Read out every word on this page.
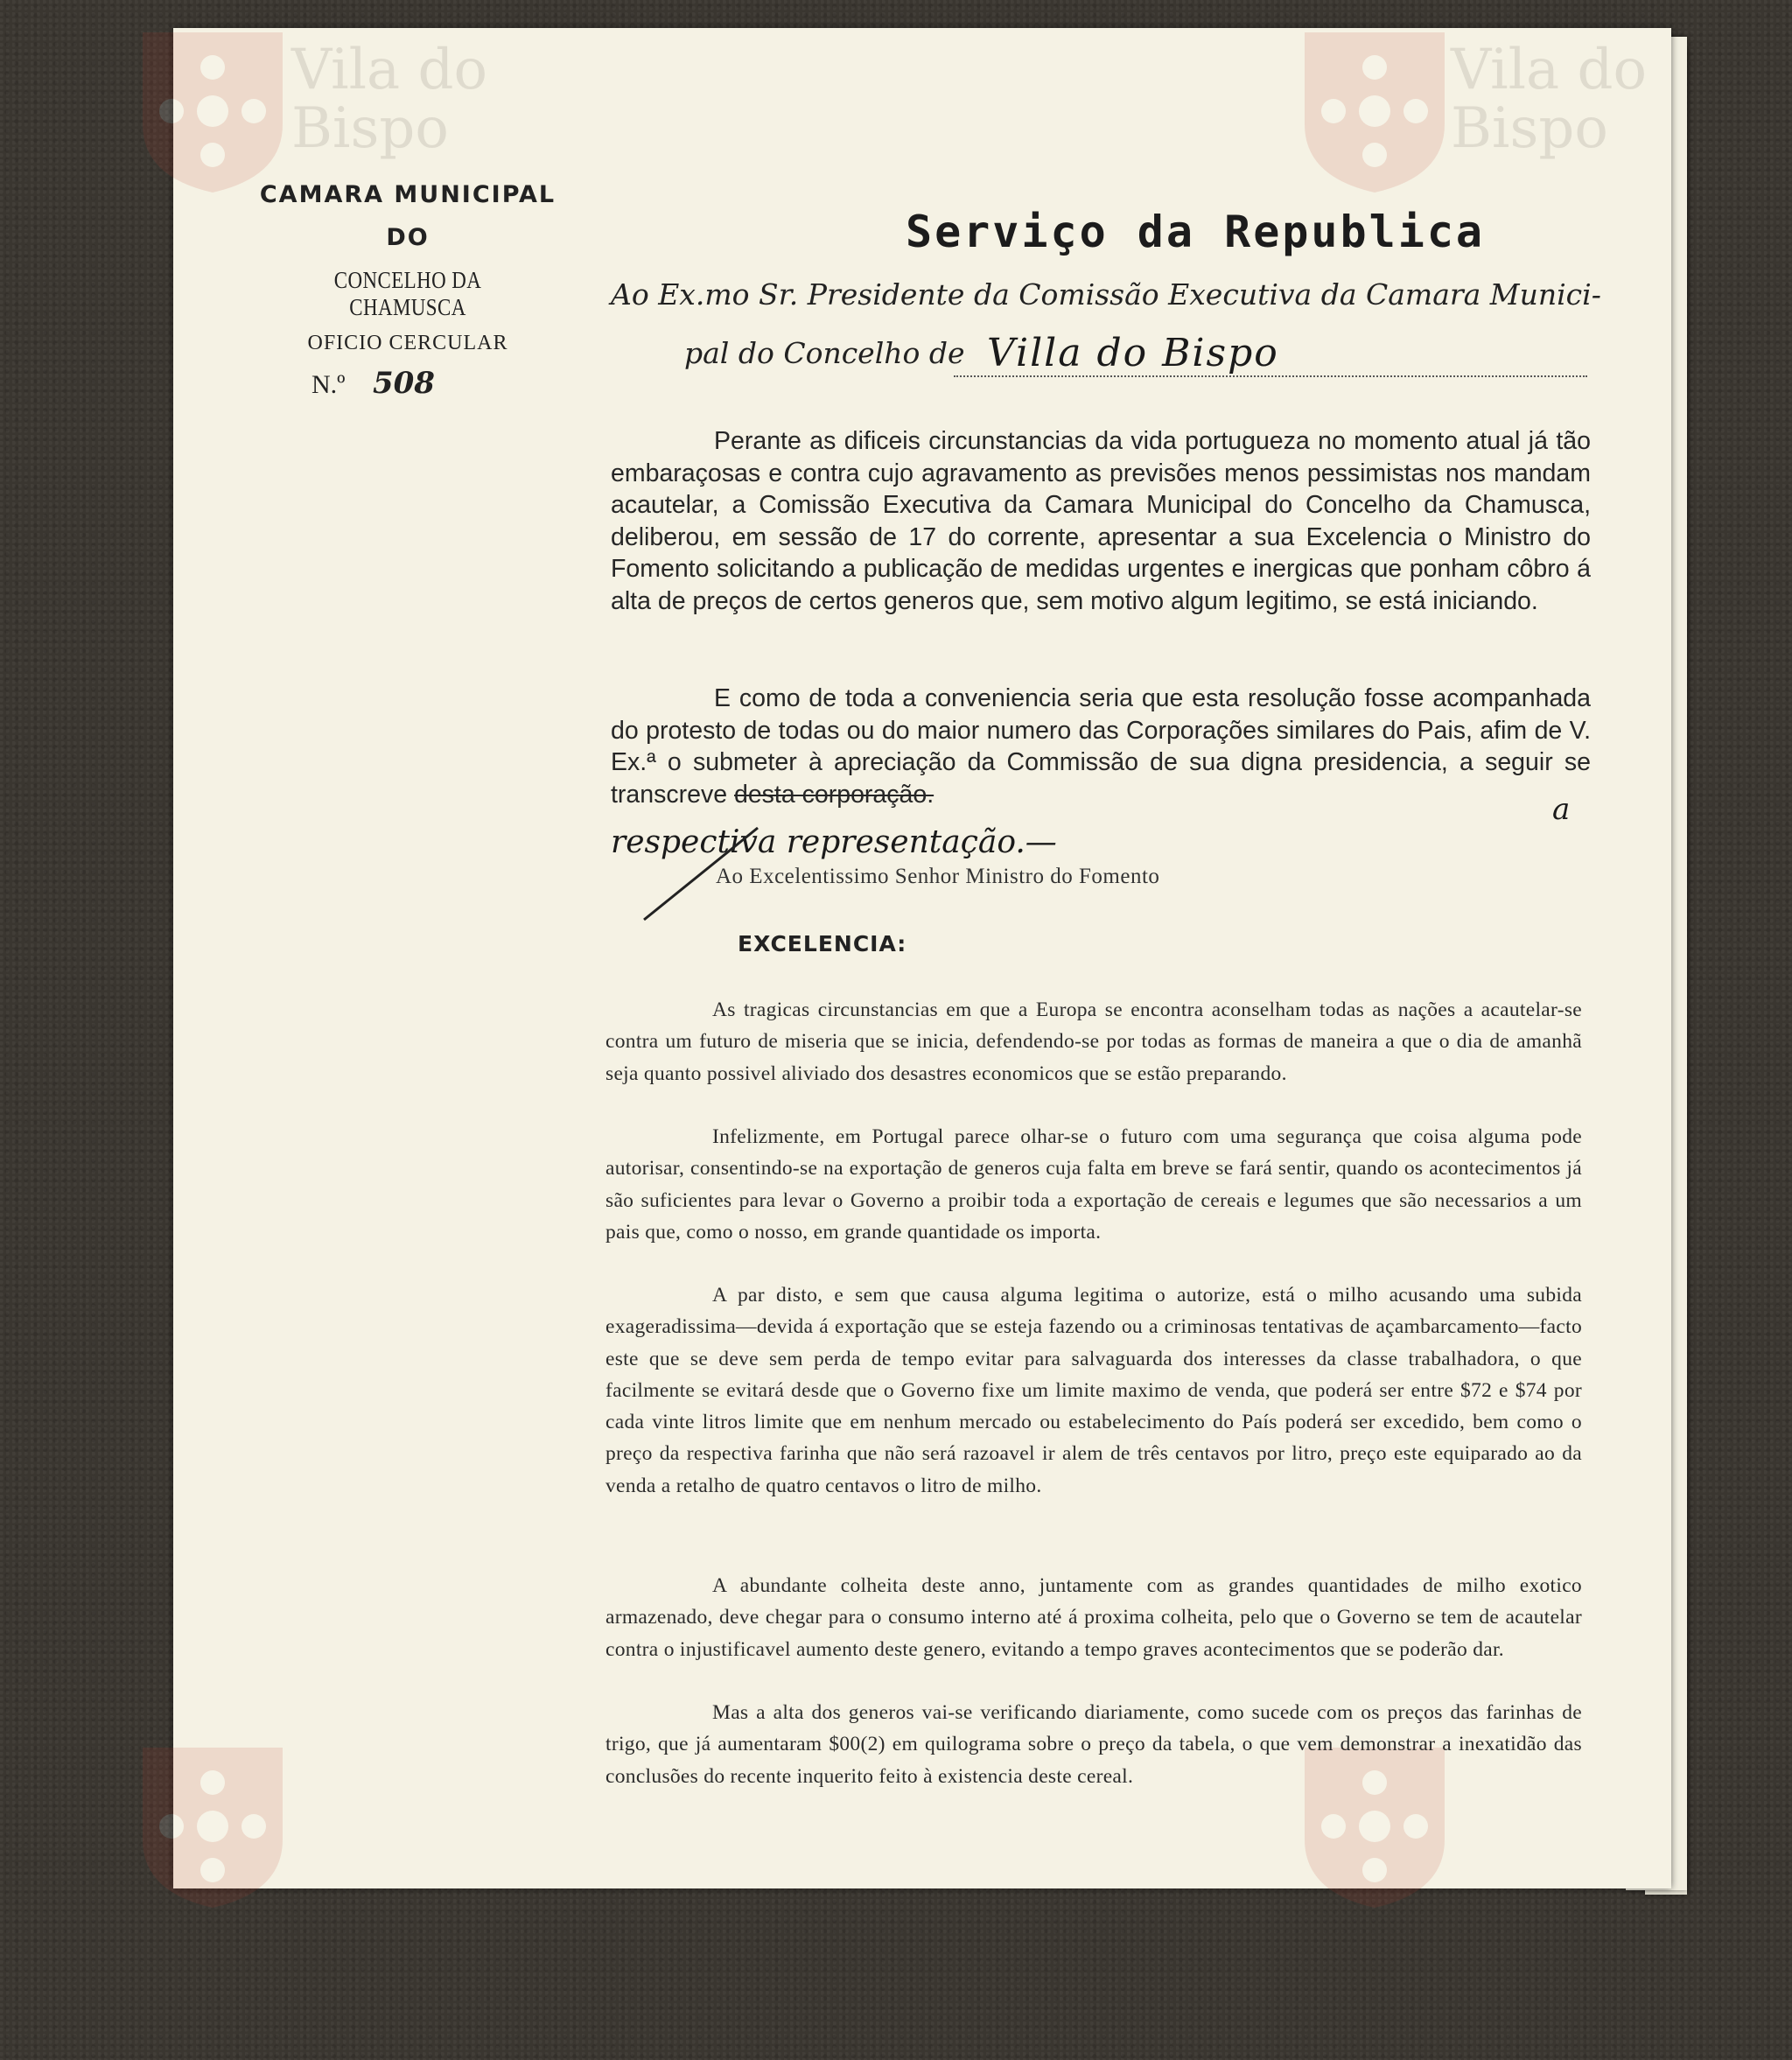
Vila do
Bispo
Vila do
Bispo
CAMARA MUNICIPAL
DO
CONCELHO DA CHAMUSCA
OFICIO CERCULAR
N.º 508
Serviço da Republica
Ao Ex.mo Sr. Presidente da Comissão Executiva da Camara Munici-
pal do Concelho de Villa do Bispo

Perante as dificeis circunstancias da vida portugueza no momento atual já tão embaraçosas e contra cujo agravamento as previsões menos pessimistas nos mandam acautelar, a Comissão Executiva da Camara Municipal do Concelho da Chamusca, deliberou, em sessão de 17 do corrente, apresentar a sua Excelencia o Ministro do Fomento solicitando a publicação de medidas urgentes e inergicas que ponham côbro á alta de preços de certos generos que, sem motivo algum legitimo, se está iniciando.

E como de toda a conveniencia seria que esta resolução fosse acompanhada do protesto de todas ou do maior numero das Corporações similares do Pais, afim de V. Ex.ª o submeter à apreciação da Commissão de sua digna presidencia, a seguir se transcreve desta corporação.	a
respectiva representação.—
Ao Excelentissimo Senhor Ministro do Fomento
EXCELENCIA:

As tragicas circunstancias em que a Europa se encontra aconselham todas as nações a acautelar-se contra um futuro de miseria que se inicia, defendendo-se por todas as formas de maneira a que o dia de amanhã seja quanto possivel aliviado dos desastres economicos que se estão preparando.

Infelizmente, em Portugal parece olhar-se o futuro com uma segurança que coisa alguma pode autorisar, consentindo-se na exportação de generos cuja falta em breve se fará sentir, quando os acontecimentos já são suficientes para levar o Governo a proibir toda a exportação de cereais e legumes que são necessarios a um pais que, como o nosso, em grande quantidade os importa.

A par disto, e sem que causa alguma legitima o autorize, está o milho acusando uma subida exageradissima—devida á exportação que se esteja fazendo ou a criminosas tentativas de açambarcamento—facto este que se deve sem perda de tempo evitar para salvaguarda dos interesses da classe trabalhadora, o que facilmente se evitará desde que o Governo fixe um limite maximo de venda, que poderá ser entre $72 e $74 por cada vinte litros limite que em nenhum mercado ou estabelecimento do País poderá ser excedido, bem como o preço da respectiva farinha que não será razoavel ir alem de três centavos por litro, preço este equiparado ao da venda a retalho de quatro centavos o litro de milho.

A abundante colheita deste anno, juntamente com as grandes quantidades de milho exotico armazenado, deve chegar para o consumo interno até á proxima colheita, pelo que o Governo se tem de acautelar contra o injustificavel aumento deste genero, evitando a tempo graves acontecimentos que se poderão dar.

Mas a alta dos generos vai-se verificando diariamente, como sucede com os preços das farinhas de trigo, que já aumentaram $00(2) em quilograma sobre o preço da tabela, o que vem demonstrar a inexatidão das conclusões do recente inquerito feito à existencia deste cereal.
